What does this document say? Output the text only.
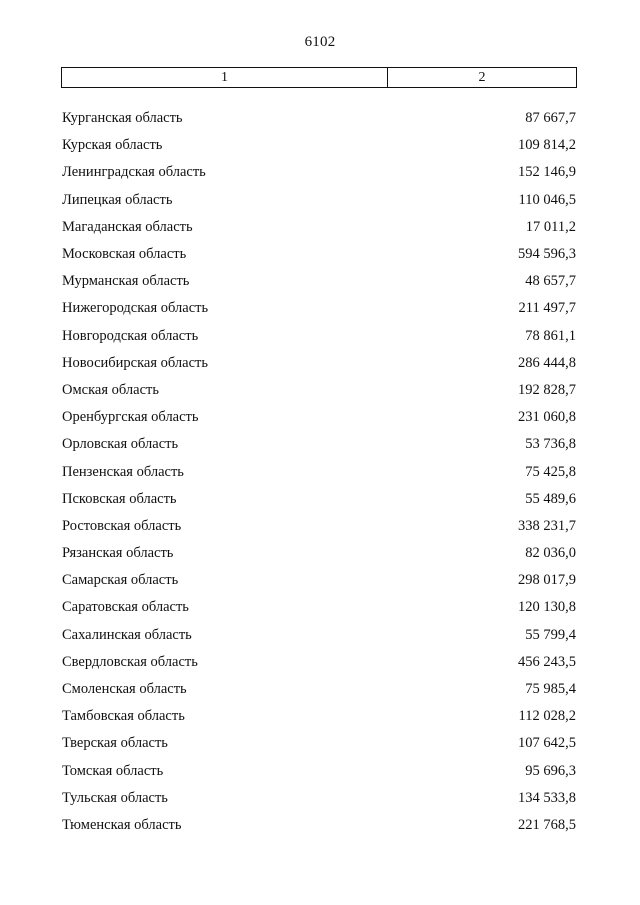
6102
1	2
Курганская область	87 667,7
Курская область	109 814,2
Ленинградская область	152 146,9
Липецкая область	110 046,5
Магаданская область	17 011,2
Московская область	594 596,3
Мурманская область	48 657,7
Нижегородская область	211 497,7
Новгородская область	78 861,1
Новосибирская область	286 444,8
Омская область	192 828,7
Оренбургская область	231 060,8
Орловская область	53 736,8
Пензенская область	75 425,8
Псковская область	55 489,6
Ростовская область	338 231,7
Рязанская область	82 036,0
Самарская область	298 017,9
Саратовская область	120 130,8
Сахалинская область	55 799,4
Свердловская область	456 243,5
Смоленская область	75 985,4
Тамбовская область	112 028,2
Тверская область	107 642,5
Томская область	95 696,3
Тульская область	134 533,8
Тюменская область	221 768,5
